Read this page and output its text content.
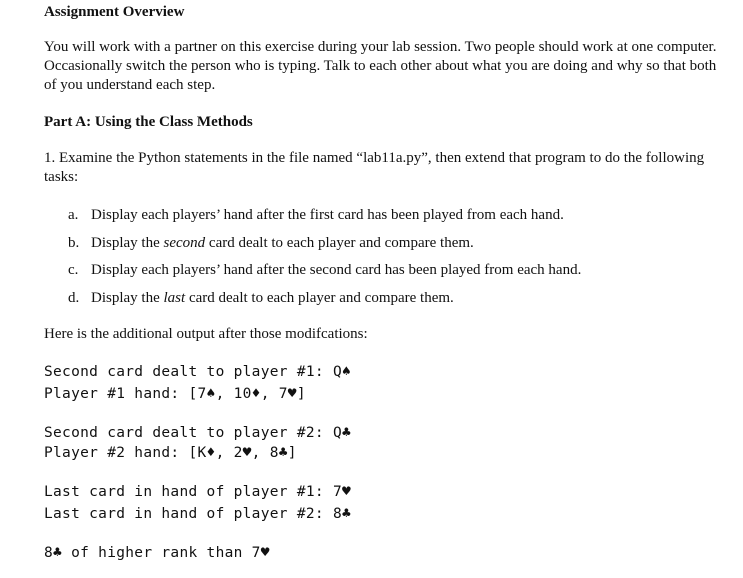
Assignment Overview
You will work with a partner on this exercise during your lab session. Two people should work at one computer. Occasionally switch the person who is typing. Talk to each other about what you are doing and why so that both of you understand each step.
Part A: Using the Class Methods
1. Examine the Python statements in the file named “lab11a.py”, then extend that program to do the following tasks:
a. Display each players’ hand after the first card has been played from each hand.
b. Display the second card dealt to each player and compare them.
c. Display each players’ hand after the second card has been played from each hand.
d. Display the last card dealt to each player and compare them.
Here is the additional output after those modifcations:
Second card dealt to player #1: Q♠
Player #1 hand: [7♠, 10♦, 7♥]
Second card dealt to player #2: Q♣
Player #2 hand: [K♦, 2♥, 8♣]
Last card in hand of player #1: 7♥
Last card in hand of player #2: 8♣
8♣ of higher rank than 7♥
